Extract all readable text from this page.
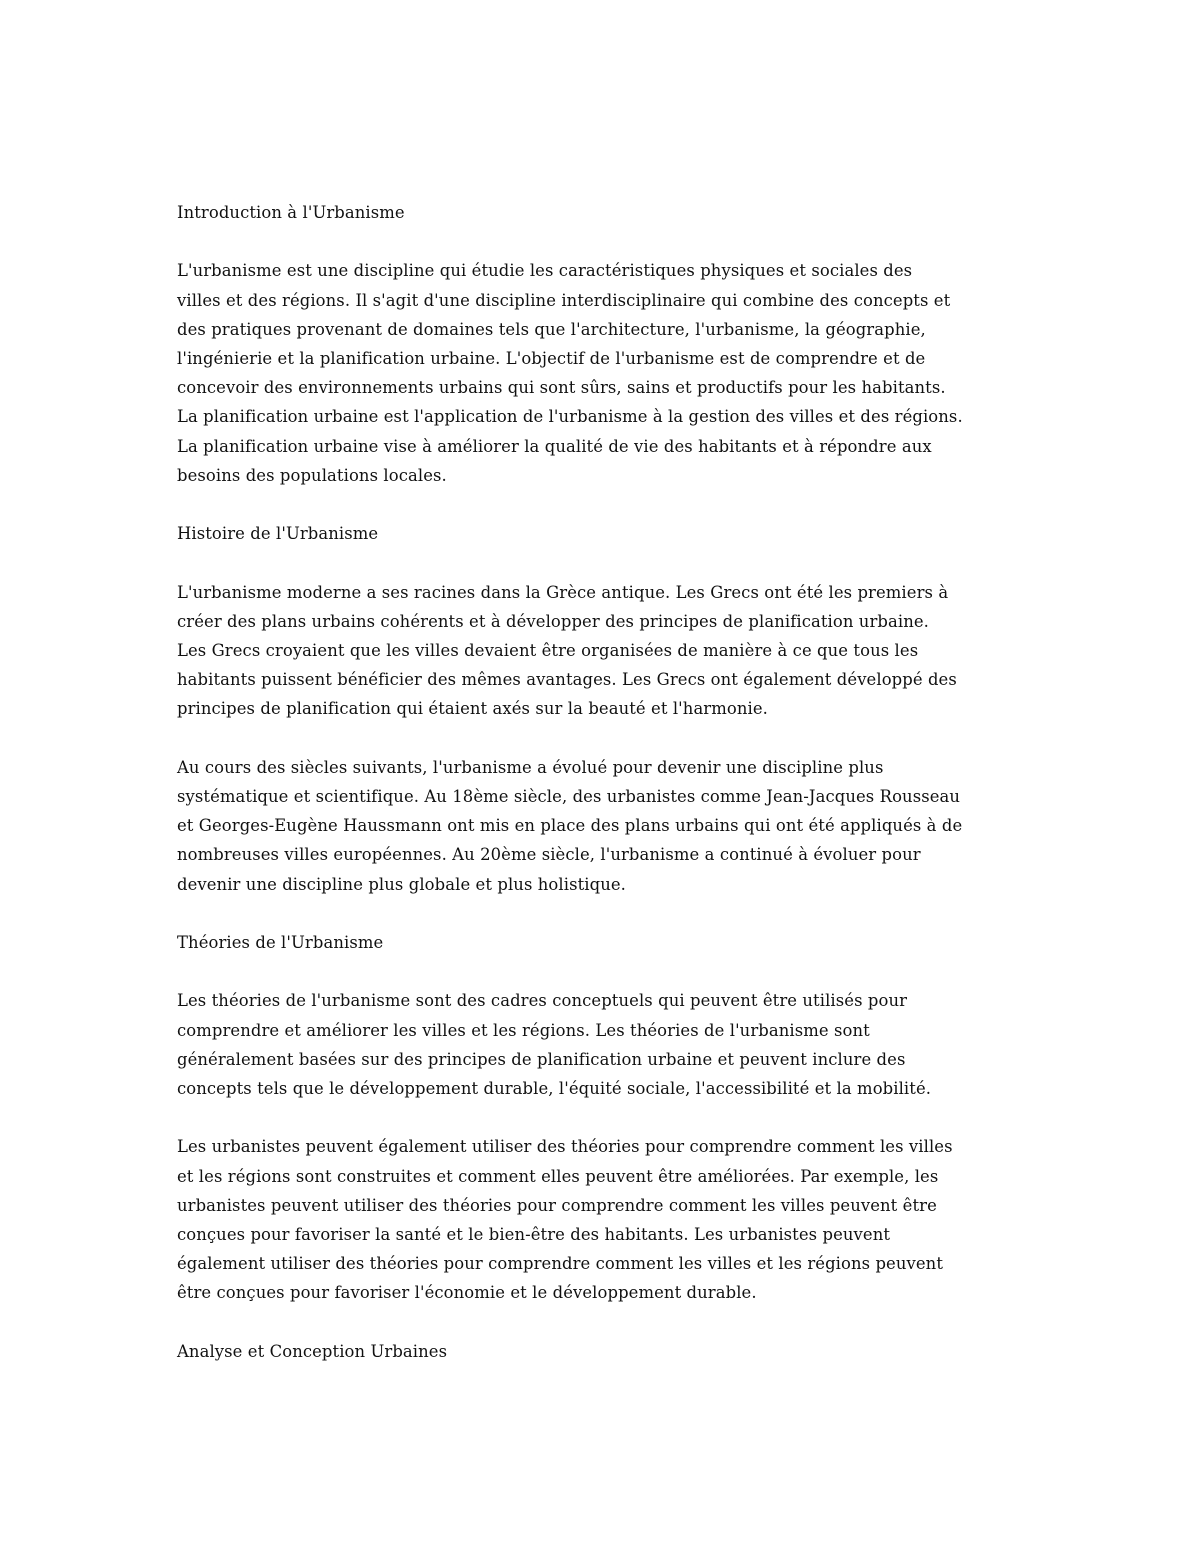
Introduction à l'Urbanisme
L'urbanisme est une discipline qui étudie les caractéristiques physiques et sociales des
villes et des régions. Il s'agit d'une discipline interdisciplinaire qui combine des concepts et
des pratiques provenant de domaines tels que l'architecture, l'urbanisme, la géographie,
l'ingénierie et la planification urbaine. L'objectif de l'urbanisme est de comprendre et de
concevoir des environnements urbains qui sont sûrs, sains et productifs pour les habitants.
La planification urbaine est l'application de l'urbanisme à la gestion des villes et des régions.
La planification urbaine vise à améliorer la qualité de vie des habitants et à répondre aux
besoins des populations locales.
Histoire de l'Urbanisme
L'urbanisme moderne a ses racines dans la Grèce antique. Les Grecs ont été les premiers à
créer des plans urbains cohérents et à développer des principes de planification urbaine.
Les Grecs croyaient que les villes devaient être organisées de manière à ce que tous les
habitants puissent bénéficier des mêmes avantages. Les Grecs ont également développé des
principes de planification qui étaient axés sur la beauté et l'harmonie.
Au cours des siècles suivants, l'urbanisme a évolué pour devenir une discipline plus
systématique et scientifique. Au 18ème siècle, des urbanistes comme Jean-Jacques Rousseau
et Georges-Eugène Haussmann ont mis en place des plans urbains qui ont été appliqués à de
nombreuses villes européennes. Au 20ème siècle, l'urbanisme a continué à évoluer pour
devenir une discipline plus globale et plus holistique.
Théories de l'Urbanisme
Les théories de l'urbanisme sont des cadres conceptuels qui peuvent être utilisés pour
comprendre et améliorer les villes et les régions. Les théories de l'urbanisme sont
généralement basées sur des principes de planification urbaine et peuvent inclure des
concepts tels que le développement durable, l'équité sociale, l'accessibilité et la mobilité.
Les urbanistes peuvent également utiliser des théories pour comprendre comment les villes
et les régions sont construites et comment elles peuvent être améliorées. Par exemple, les
urbanistes peuvent utiliser des théories pour comprendre comment les villes peuvent être
conçues pour favoriser la santé et le bien-être des habitants. Les urbanistes peuvent
également utiliser des théories pour comprendre comment les villes et les régions peuvent
être conçues pour favoriser l'économie et le développement durable.
Analyse et Conception Urbaines
